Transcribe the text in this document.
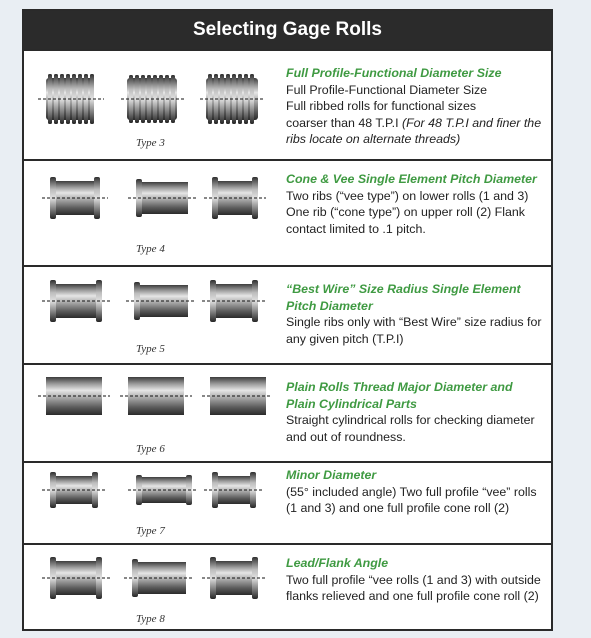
Selecting Gage Rolls
Type 3
Full Profile-Functional Diameter Size
Full Profile-Functional Diameter Size
Full ribbed rolls for functional sizes
coarser than 48 T.P.I (For 48 T.P.I and finer the ribs locate on alternate threads)
Type 4
Cone & Vee Single Element Pitch Diameter
Two ribs (“vee type”) on lower rolls (1 and 3) One rib (“cone type”) on upper roll (2) Flank contact limited to .1 pitch.
Type 5
“Best Wire” Size Radius Single Element Pitch Diameter
Single ribs only with “Best Wire” size radius for any given pitch (T.P.I)
Type 6
Plain Rolls Thread Major Diameter and Plain Cylindrical Parts
Straight cylindrical rolls for checking diameter and out of roundness.
Type 7
Minor Diameter
(55° included angle) Two full profile “vee” rolls (1 and 3) and one full profile cone roll (2)
Type 8
Lead/Flank Angle
Two full profile “vee rolls (1 and 3) with outside flanks relieved and one full profile cone roll (2)
